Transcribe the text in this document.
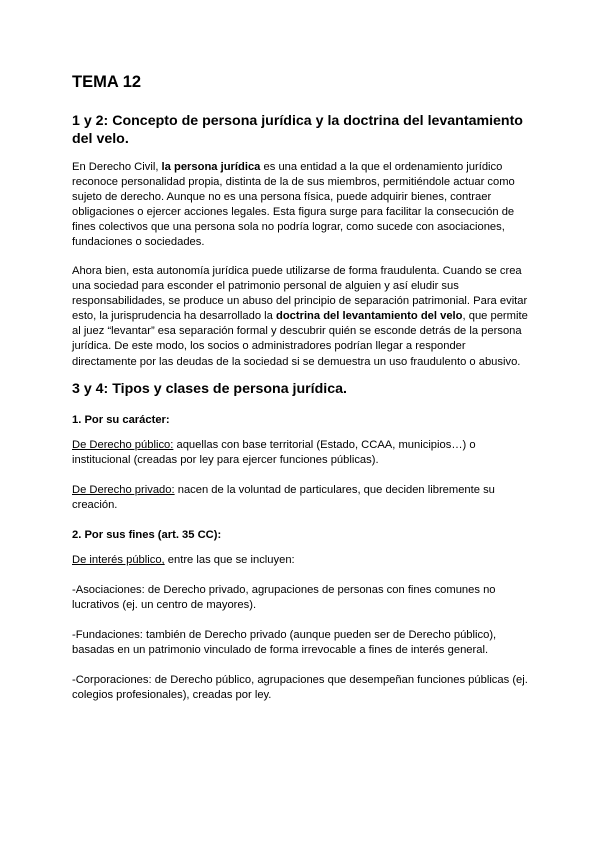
TEMA 12
1 y 2: Concepto de persona jurídica y la doctrina del levantamiento del velo.

En Derecho Civil, la persona jurídica es una entidad a la que el ordenamiento jurídico reconoce personalidad propia, distinta de la de sus miembros, permitiéndole actuar como sujeto de derecho. Aunque no es una persona física, puede adquirir bienes, contraer obligaciones o ejercer acciones legales. Esta figura surge para facilitar la consecución de fines colectivos que una persona sola no podría lograr, como sucede con asociaciones, fundaciones o sociedades.

Ahora bien, esta autonomía jurídica puede utilizarse de forma fraudulenta. Cuando se crea una sociedad para esconder el patrimonio personal de alguien y así eludir sus responsabilidades, se produce un abuso del principio de separación patrimonial. Para evitar esto, la jurisprudencia ha desarrollado la doctrina del levantamiento del velo, que permite al juez “levantar” esa separación formal y descubrir quién se esconde detrás de la persona jurídica. De este modo, los socios o administradores podrían llegar a responder directamente por las deudas de la sociedad si se demuestra un uso fraudulento o abusivo.

3 y 4: Tipos y clases de persona jurídica.

1. Por su carácter:

De Derecho público: aquellas con base territorial (Estado, CCAA, municipios…) o institucional (creadas por ley para ejercer funciones públicas).

De Derecho privado: nacen de la voluntad de particulares, que deciden libremente su creación.

2. Por sus fines (art. 35 CC):

De interés público, entre las que se incluyen:

-Asociaciones: de Derecho privado, agrupaciones de personas con fines comunes no lucrativos (ej. un centro de mayores).

-Fundaciones: también de Derecho privado (aunque pueden ser de Derecho público), basadas en un patrimonio vinculado de forma irrevocable a fines de interés general.

-Corporaciones: de Derecho público, agrupaciones que desempeñan funciones públicas (ej. colegios profesionales), creadas por ley.
